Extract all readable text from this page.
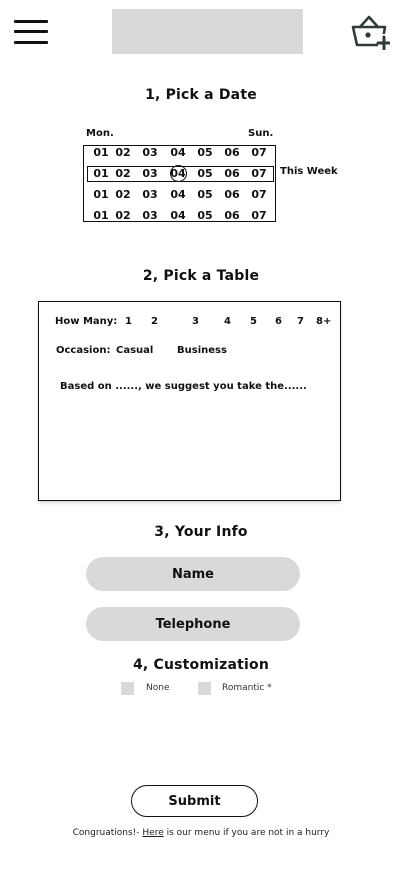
1, Pick a Date
Mon.	Sun.
01 02	03	04	05	06	07
01 02	03	04	05	06	07
01 02	03	04	05	06	07
01 02	03	04	05	06	07
This Week
2, Pick a Table
How Many: 1 2	3	4 5 6 7 8+
Occasion: Casual Business
Based on ......, we suggest you take the......
3, Your Info
Name
Telephone
4, Customization
None	Romantic *
Submit
Congruations!- Here is our menu if you are not in a hurry
